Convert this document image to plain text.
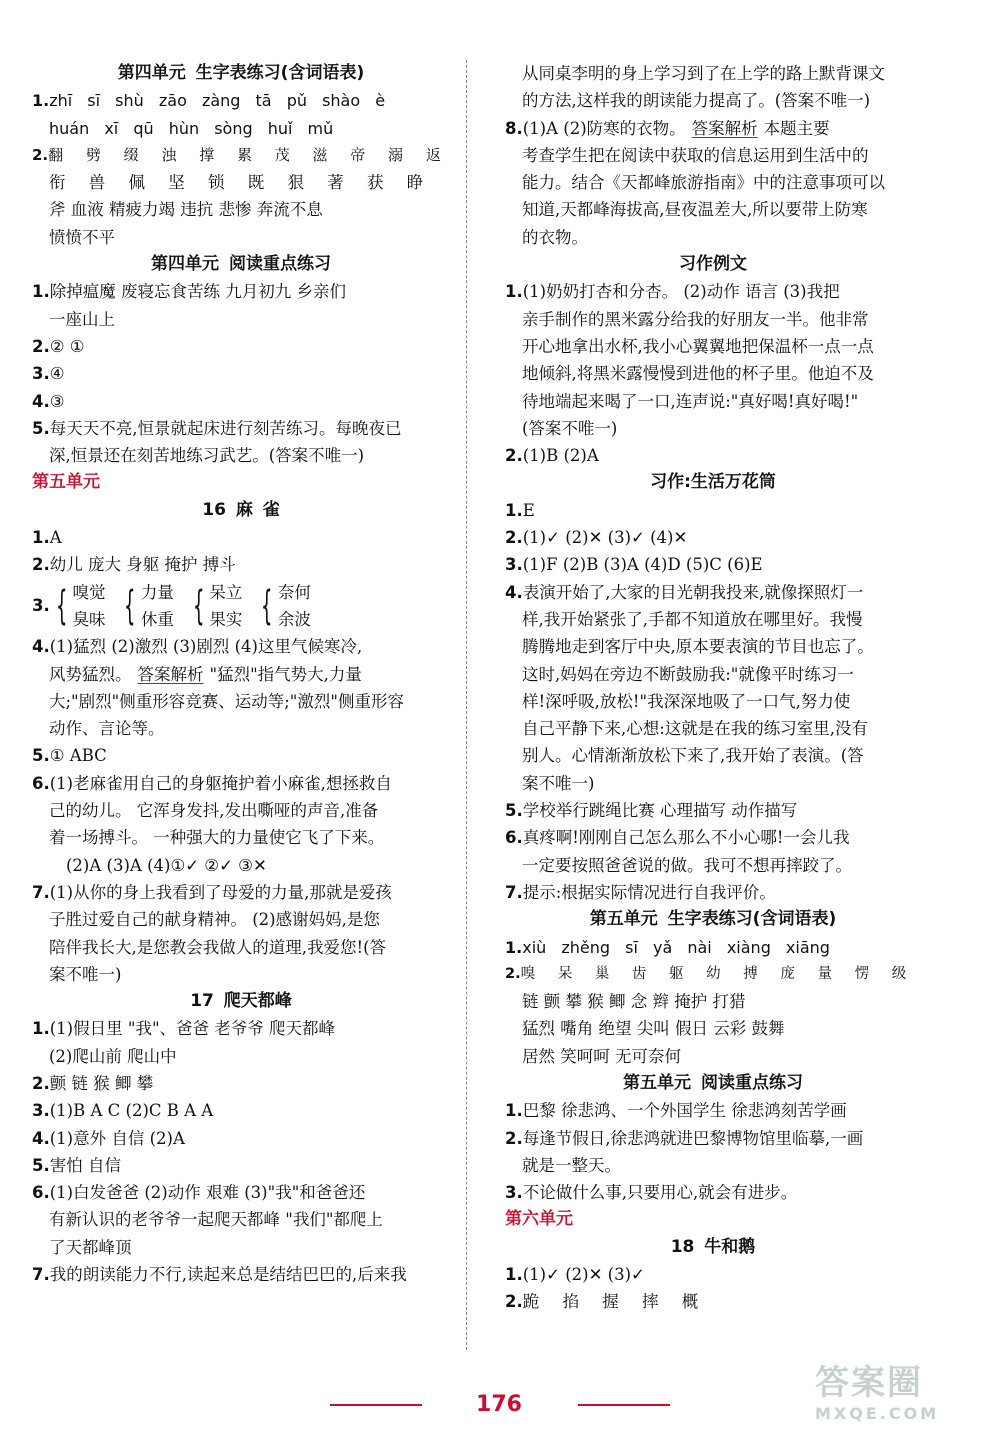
第四单元 生字表练习(含词语表)
1.zhī sī shù zāo zàng tā pǔ shào è
huán xī qū hùn sòng huǐ mǔ
2.翻 劈 缀 浊 撑 累 茂 滋 帝 溺 返
衔 兽 佩 坚 锁 既 狠 著 获 睁
斧 血液 精疲力竭 违抗 悲惨 奔流不息
愤愤不平
第四单元 阅读重点练习
1.除掉瘟魔 废寝忘食苦练 九月初九 乡亲们
一座山上
2.② ①
3.④
4.③
5.每天天不亮,恒景就起床进行刻苦练习。每晚夜已
深,恒景还在刻苦地练习武艺。(答案不唯一)
第五单元
16 麻 雀
1.A
2.幼儿 庞大 身躯 掩护 搏斗
3. { 嗅觉
臭味 { 力量
休重 { 呆立
果实 { 奈何
余波
4.(1)猛烈 (2)激烈 (3)剧烈 (4)这里气候寒冷,
风势猛烈。 答案解析 "猛烈"指气势大,力量
大;"剧烈"侧重形容竞赛、运动等;"激烈"侧重形容
动作、言论等。
5.① ABC
6.(1)老麻雀用自己的身躯掩护着小麻雀,想拯救自
己的幼儿。 它浑身发抖,发出嘶哑的声音,准备
着一场搏斗。 一种强大的力量使它飞了下来。
(2)A (3)A (4)①✓ ②✓ ③✕
7.(1)从你的身上我看到了母爱的力量,那就是爱孩
子胜过爱自己的献身精神。 (2)感谢妈妈,是您
陪伴我长大,是您教会我做人的道理,我爱您!(答
案不唯一)
17 爬天都峰
1.(1)假日里 "我"、爸爸 老爷爷 爬天都峰
(2)爬山前 爬山中
2.颤 链 猴 鲫 攀
3.(1)B A C (2)C B A A
4.(1)意外 自信 (2)A
5.害怕 自信
6.(1)白发爸爸 (2)动作 艰难 (3)"我"和爸爸还
有新认识的老爷爷一起爬天都峰 "我们"都爬上
了天都峰顶
7.我的朗读能力不行,读起来总是结结巴巴的,后来我
从同桌李明的身上学习到了在上学的路上默背课文
的方法,这样我的朗读能力提高了。(答案不唯一)
8.(1)A (2)防寒的衣物。 答案解析 本题主要
考查学生把在阅读中获取的信息运用到生活中的
能力。结合《天都峰旅游指南》中的注意事项可以
知道,天都峰海拔高,昼夜温差大,所以要带上防寒
的衣物。
习作例文
1.(1)奶奶打杏和分杏。 (2)动作 语言 (3)我把
亲手制作的黑米露分给我的好朋友一半。他非常
开心地拿出水杯,我小心翼翼地把保温杯一点一点
地倾斜,将黑米露慢慢到进他的杯子里。他迫不及
待地端起来喝了一口,连声说:"真好喝!真好喝!"
(答案不唯一)
2.(1)B (2)A
习作:生活万花筒
1.E
2.(1)✓ (2)✕ (3)✓ (4)✕
3.(1)F (2)B (3)A (4)D (5)C (6)E
4.表演开始了,大家的目光朝我投来,就像探照灯一
样,我开始紧张了,手都不知道放在哪里好。我慢
腾腾地走到客厅中央,原本要表演的节目也忘了。
这时,妈妈在旁边不断鼓励我:"就像平时练习一
样!深呼吸,放松!"我深深地吸了一口气,努力使
自己平静下来,心想:这就是在我的练习室里,没有
别人。心情渐渐放松下来了,我开始了表演。(答
案不唯一)
5.学校举行跳绳比赛 心理描写 动作描写
6.真疼啊!刚刚自己怎么那么不小心哪!一会儿我
一定要按照爸爸说的做。我可不想再摔跤了。
7.提示:根据实际情况进行自我评价。
第五单元 生字表练习(含词语表)
1.xiù zhěng sī yǎ nài xiàng xiāng
2.嗅 呆 巢 齿 躯 幼 搏 庞 量 愣 级
链 颤 攀 猴 鲫 念 辫 掩护 打猎
猛烈 嘴角 绝望 尖叫 假日 云彩 鼓舞
居然 笑呵呵 无可奈何
第五单元 阅读重点练习
1.巴黎 徐悲鸿、一个外国学生 徐悲鸿刻苦学画
2.每逢节假日,徐悲鸿就进巴黎博物馆里临摹,一画
就是一整天。
3.不论做什么事,只要用心,就会有进步。
第六单元
18 牛和鹅
1.(1)✓ (2)✕ (3)✓
2.跪 掐 握 摔 概
176
答案圈
MXQE.COM
